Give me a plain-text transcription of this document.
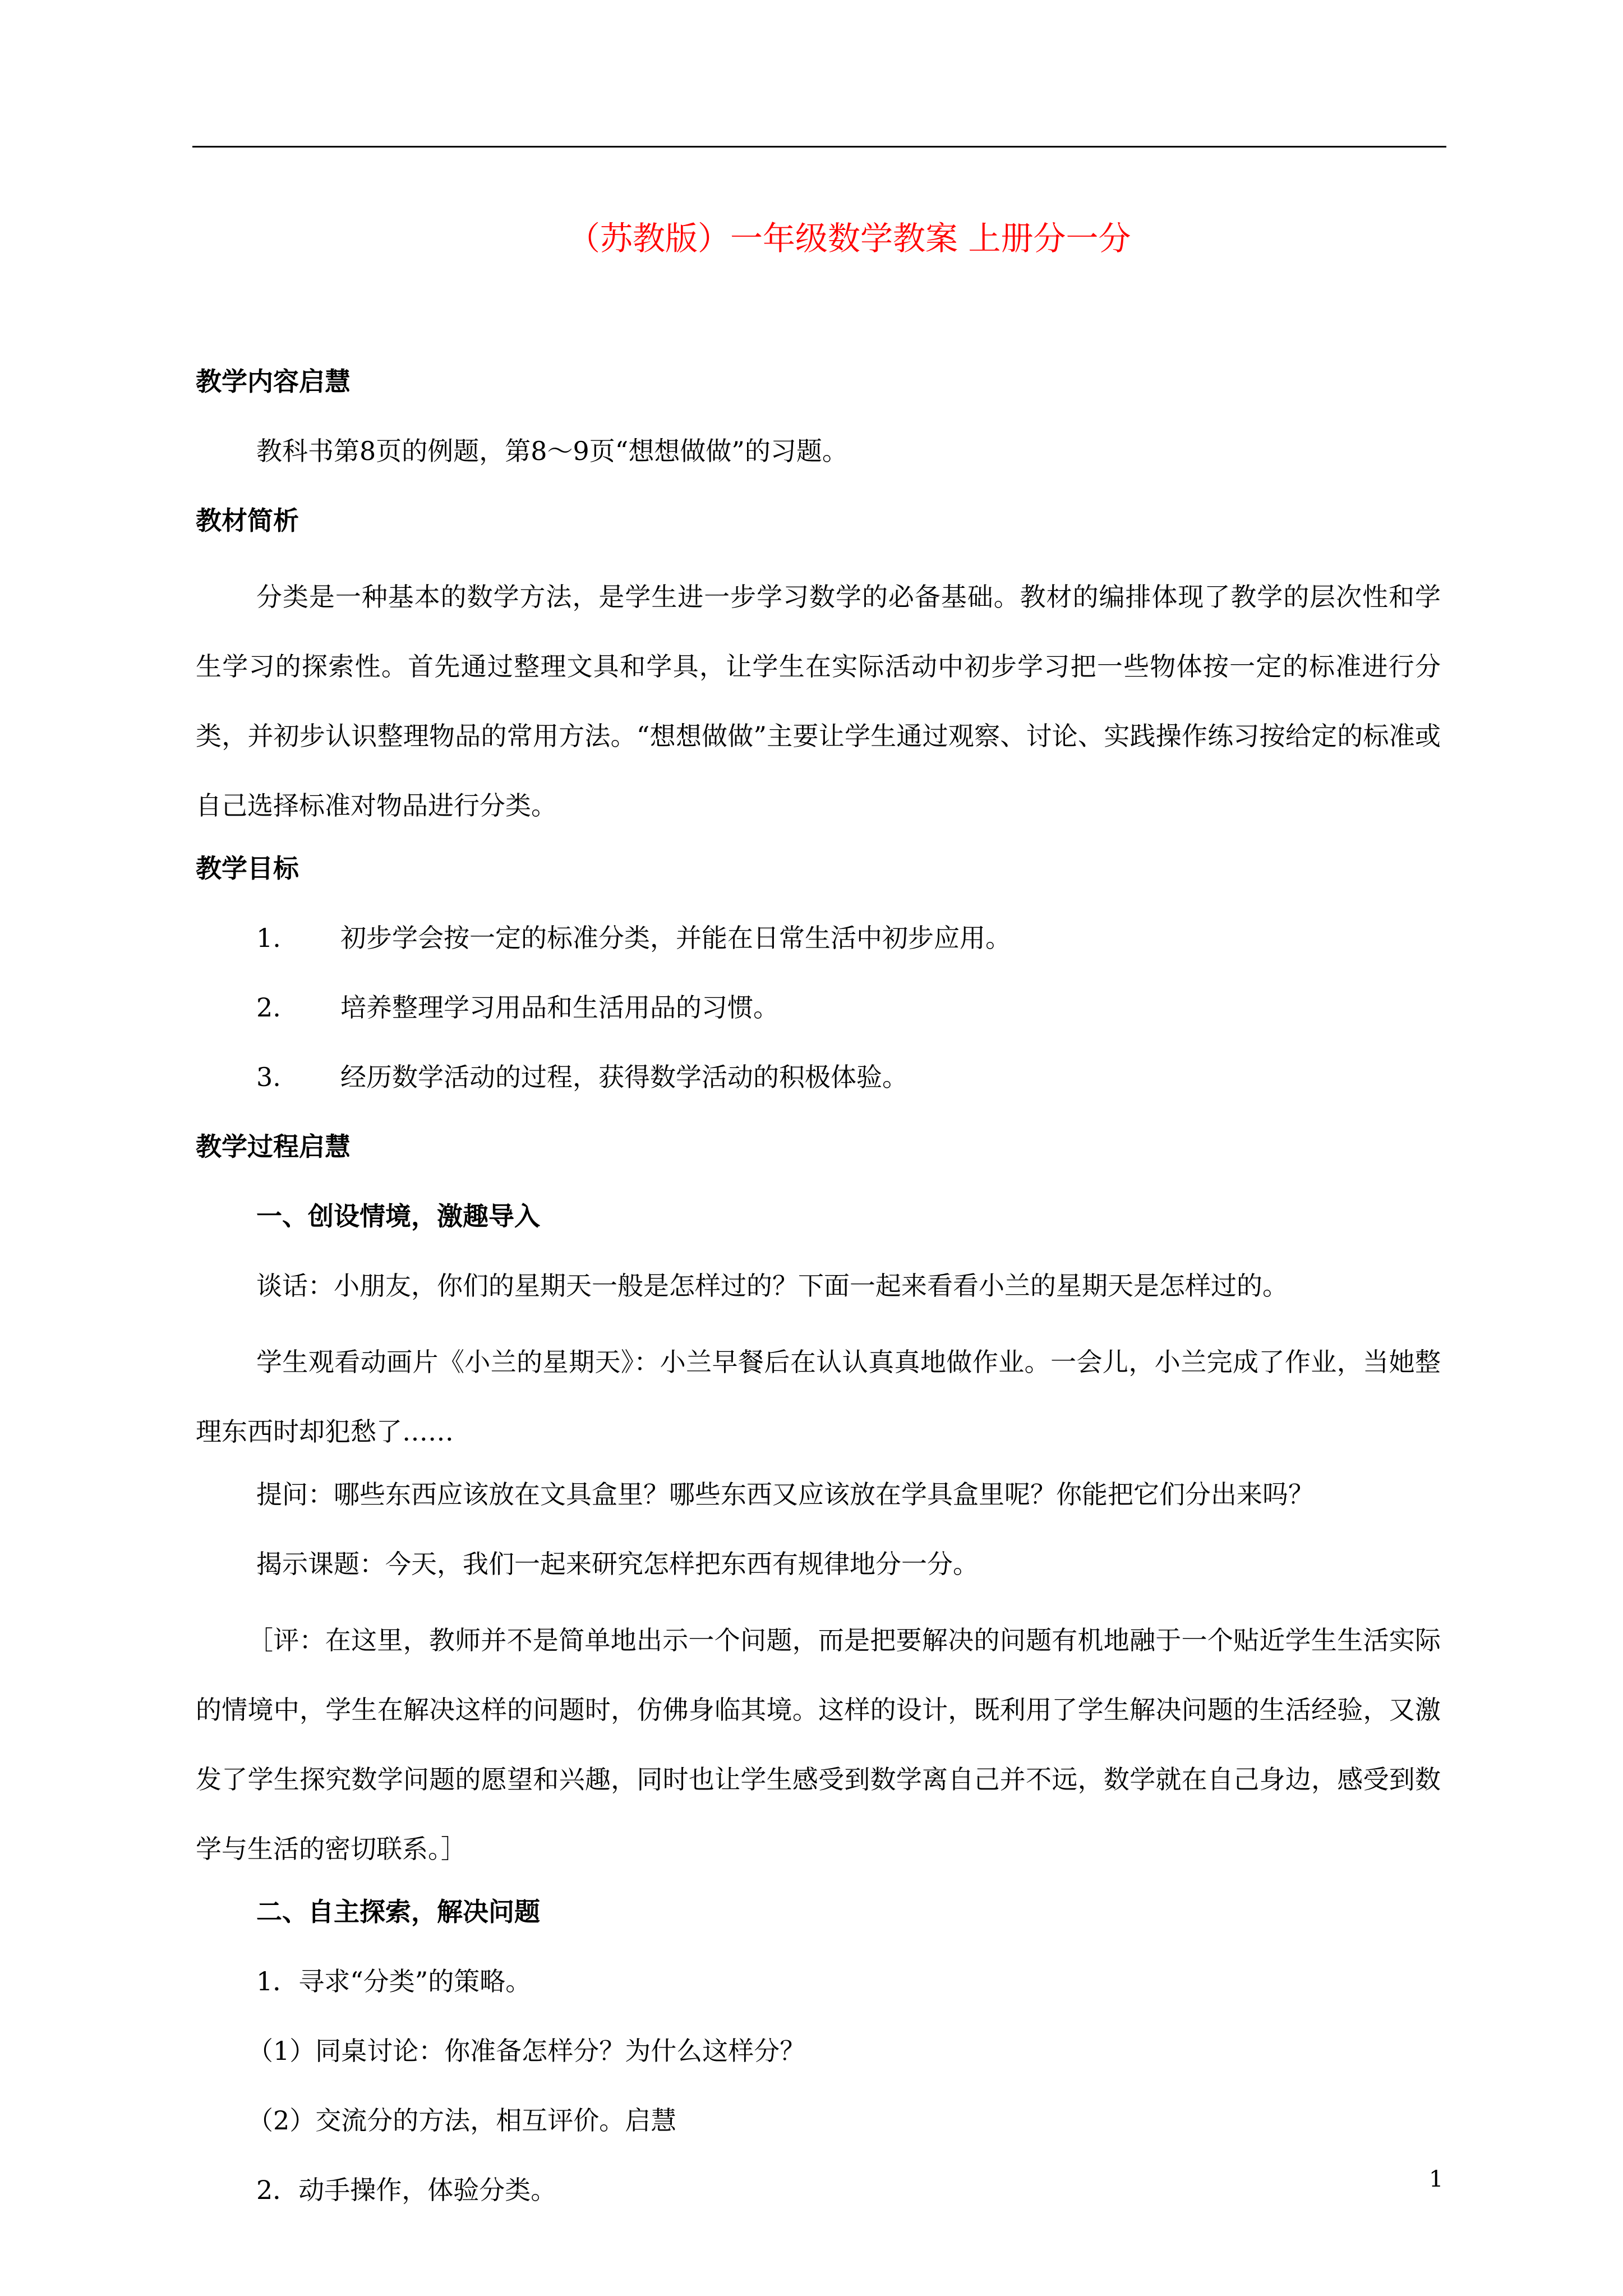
（苏教版）一年级数学教案 上册分一分
教学内容启慧
教科书第8页的例题，第8～9页“想想做做”的习题。
教材简析

分类是一种基本的数学方法，是学生进一步学习数学的必备基础。教材的编排体现了教学的层次性和学生学习的探索性。首先通过整理文具和学具，让学生在实际活动中初步学习把一些物体按一定的标准进行分类，并初步认识整理物品的常用方法。“想想做做”主要让学生通过观察、讨论、实践操作练习按给定的标准或自己选择标准对物品进行分类。

教学目标
1. 初步学会按一定的标准分类，并能在日常生活中初步应用。
2. 培养整理学习用品和生活用品的习惯。
3. 经历数学活动的过程，获得数学活动的积极体验。
教学过程启慧
一、创设情境，激趣导入
谈话：小朋友，你们的星期天一般是怎样过的？下面一起来看看小兰的星期天是怎样过的。

学生观看动画片《小兰的星期天》：小兰早餐后在认认真真地做作业。一会儿，小兰完成了作业，当她整理东西时却犯愁了……

提问：哪些东西应该放在文具盒里？哪些东西又应该放在学具盒里呢？你能把它们分出来吗？
揭示课题：今天，我们一起来研究怎样把东西有规律地分一分。

［评：在这里，教师并不是简单地出示一个问题，而是把要解决的问题有机地融于一个贴近学生生活实际的情境中，学生在解决这样的问题时，仿佛身临其境。这样的设计，既利用了学生解决问题的生活经验，又激发了学生探究数学问题的愿望和兴趣，同时也让学生感受到数学离自己并不远，数学就在自己身边，感受到数学与生活的密切联系。］

二、自主探索，解决问题
1．寻求“分类”的策略。
（1）同桌讨论：你准备怎样分？为什么这样分？
（2）交流分的方法，相互评价。启慧
2．动手操作，体验分类。	1
